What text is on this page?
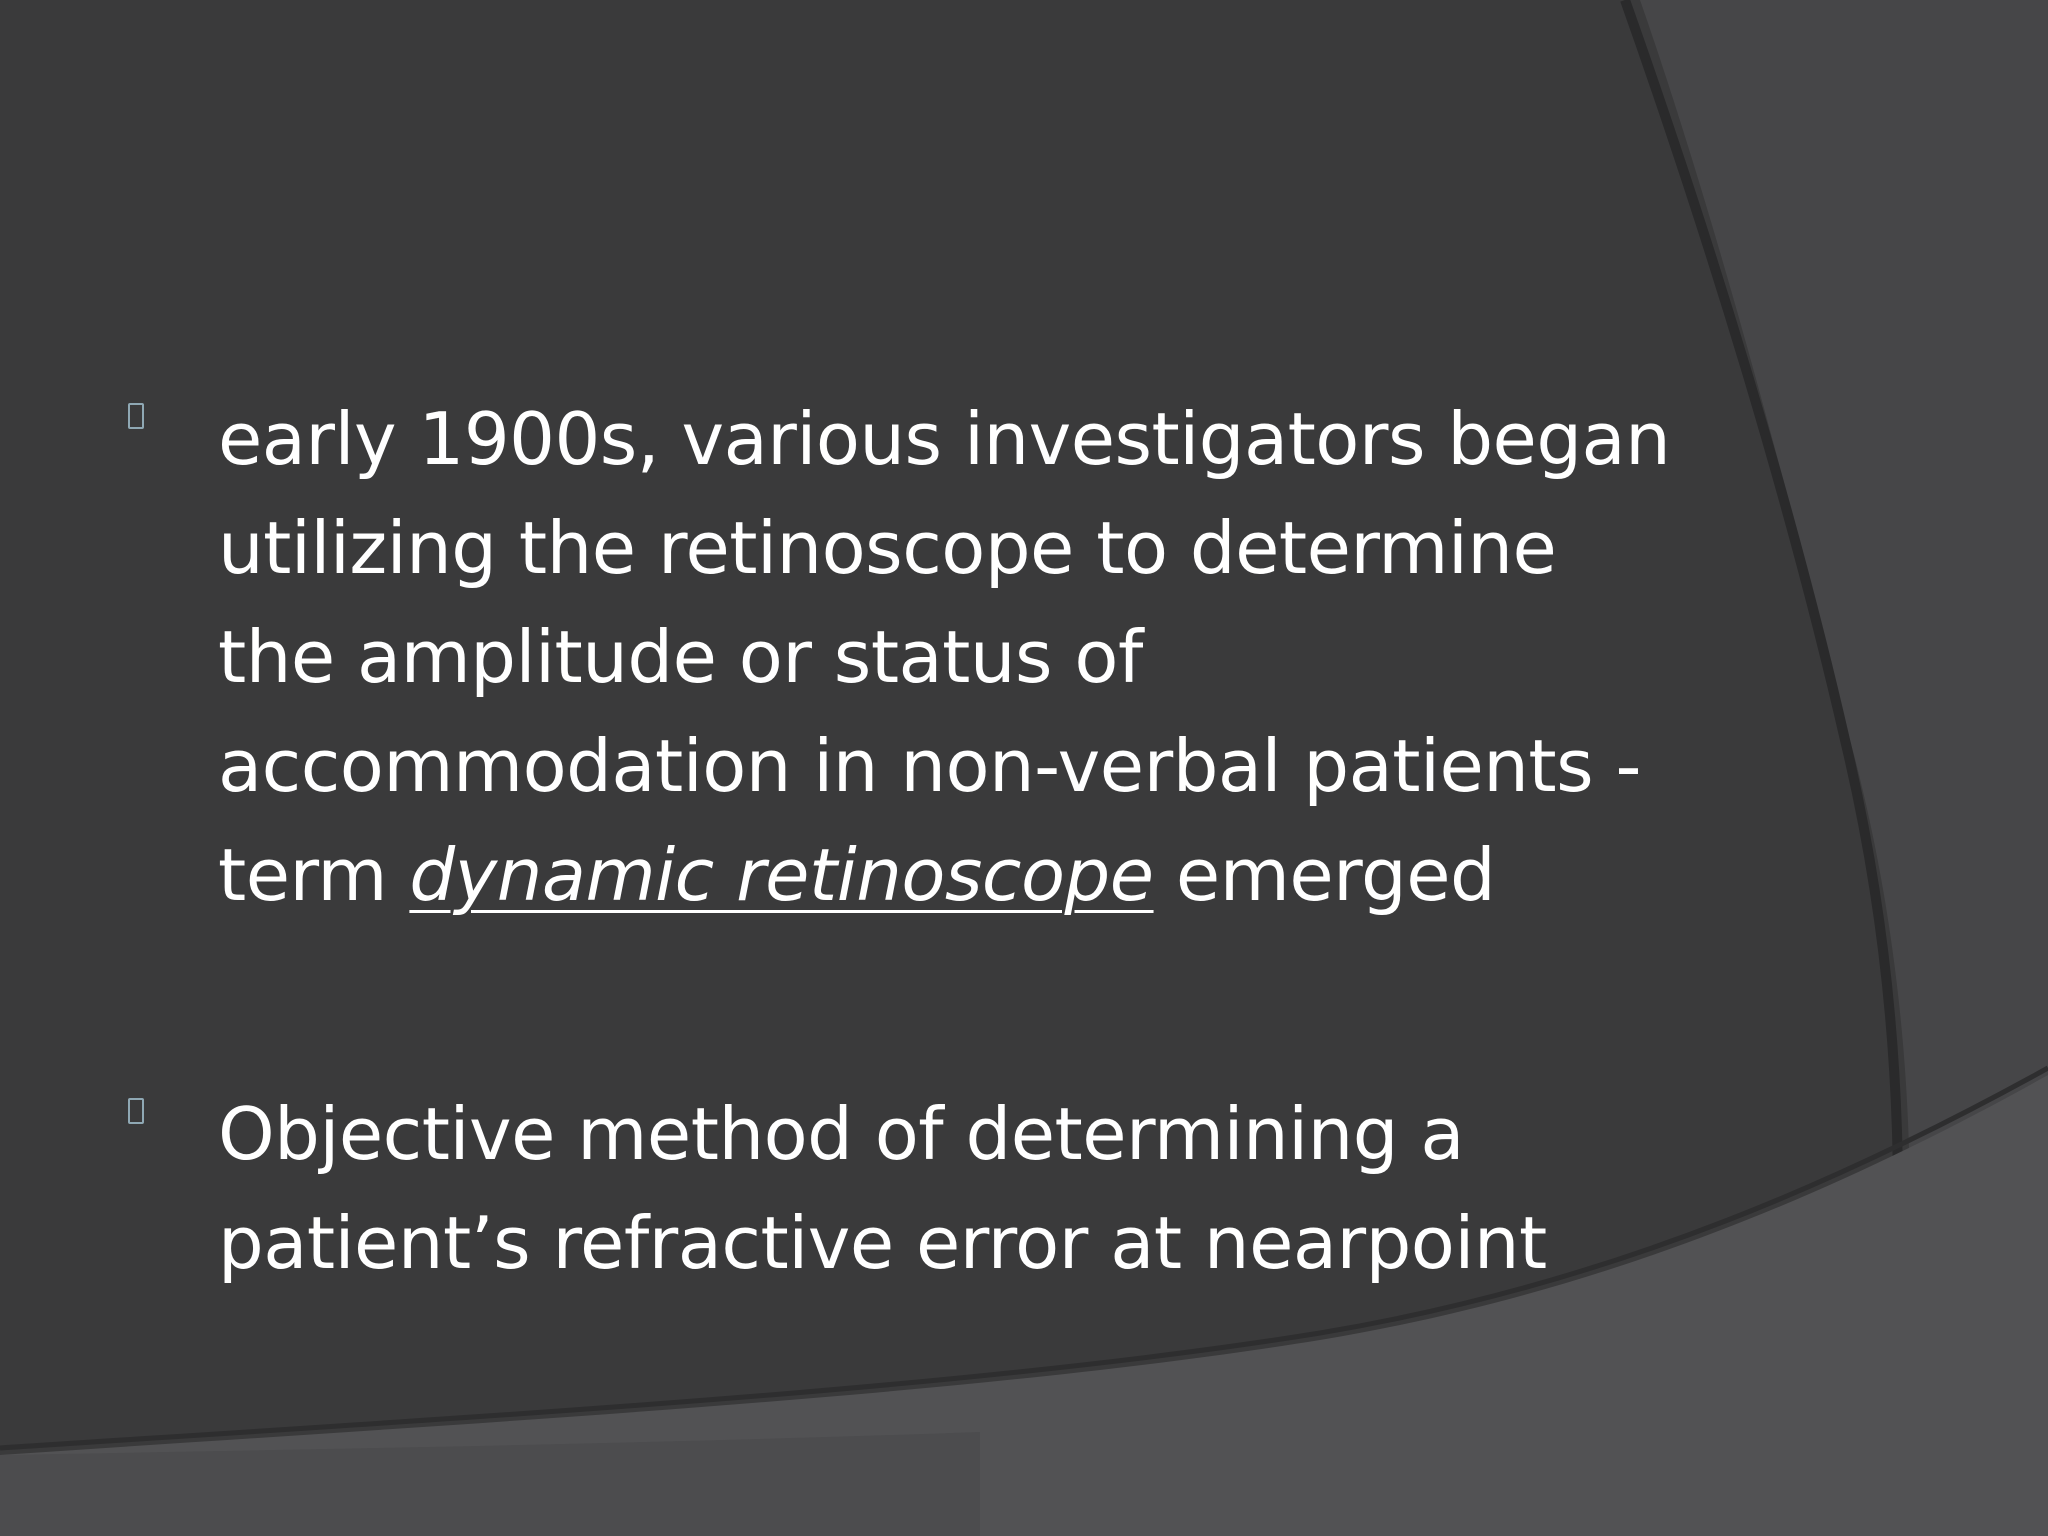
early 1900s, various investigators began
utilizing the retinoscope to determine
the amplitude or status of
accommodation in non-verbal patients -
term dynamic retinoscope emerged
Objective method of determining a
patient’s refractive error at nearpoint
